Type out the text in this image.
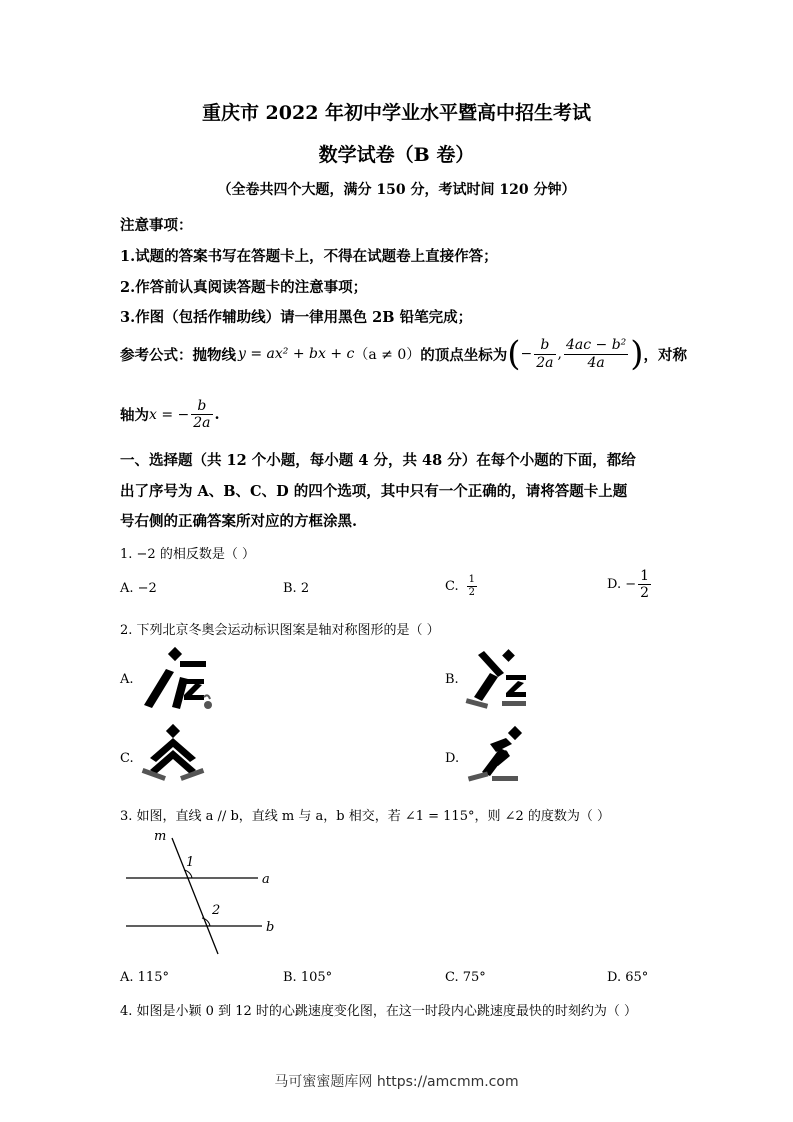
重庆市 2022 年初中学业水平暨高中招生考试
数学试卷（B 卷）
（全卷共四个大题，满分 150 分，考试时间 120 分钟）
注意事项：
1.试题的答案书写在答题卡上，不得在试题卷上直接作答；
2.作答前认真阅读答题卡的注意事项；
3.作图（包括作辅助线）请一律用黑色 2B 铅笔完成；
参考公式：抛物线 y = ax² + bx + c （a ≠ 0） 的顶点坐标为 ( − $\frac{b}{2a}$ , $\frac{\text{4ac − b²}}{4a}$ ) ，对称
轴为 x = − $\frac{b}{2a}$ .
一、选择题（共 12 个小题，每小题 4 分，共 48 分）在每个小题的下面，都给
出了序号为 A、B、C、D 的四个选项，其中只有一个正确的，请将答题卡上题
号右侧的正确答案所对应的方框涂黑.
1. −2 的相反数是（ ）
A. −2	B. 2	C. $\frac{1}{2}$	D. − $\frac{1}{2}$
2. 下列北京冬奥会运动标识图案是轴对称图形的是（ ）
A.	B.
C.	D.
3. 如图，直线 a // b，直线 m 与 a，b 相交，若 ∠1 = 115°，则 ∠2 的度数为（ ）
m
1
a
2
b
A. 115°	B. 105°	C. 75°	D. 65°
4. 如图是小颖 0 到 12 时的心跳速度变化图，在这一时段内心跳速度最快的时刻约为（ ）
马可蜜蜜题库网 https://amcmm.com
